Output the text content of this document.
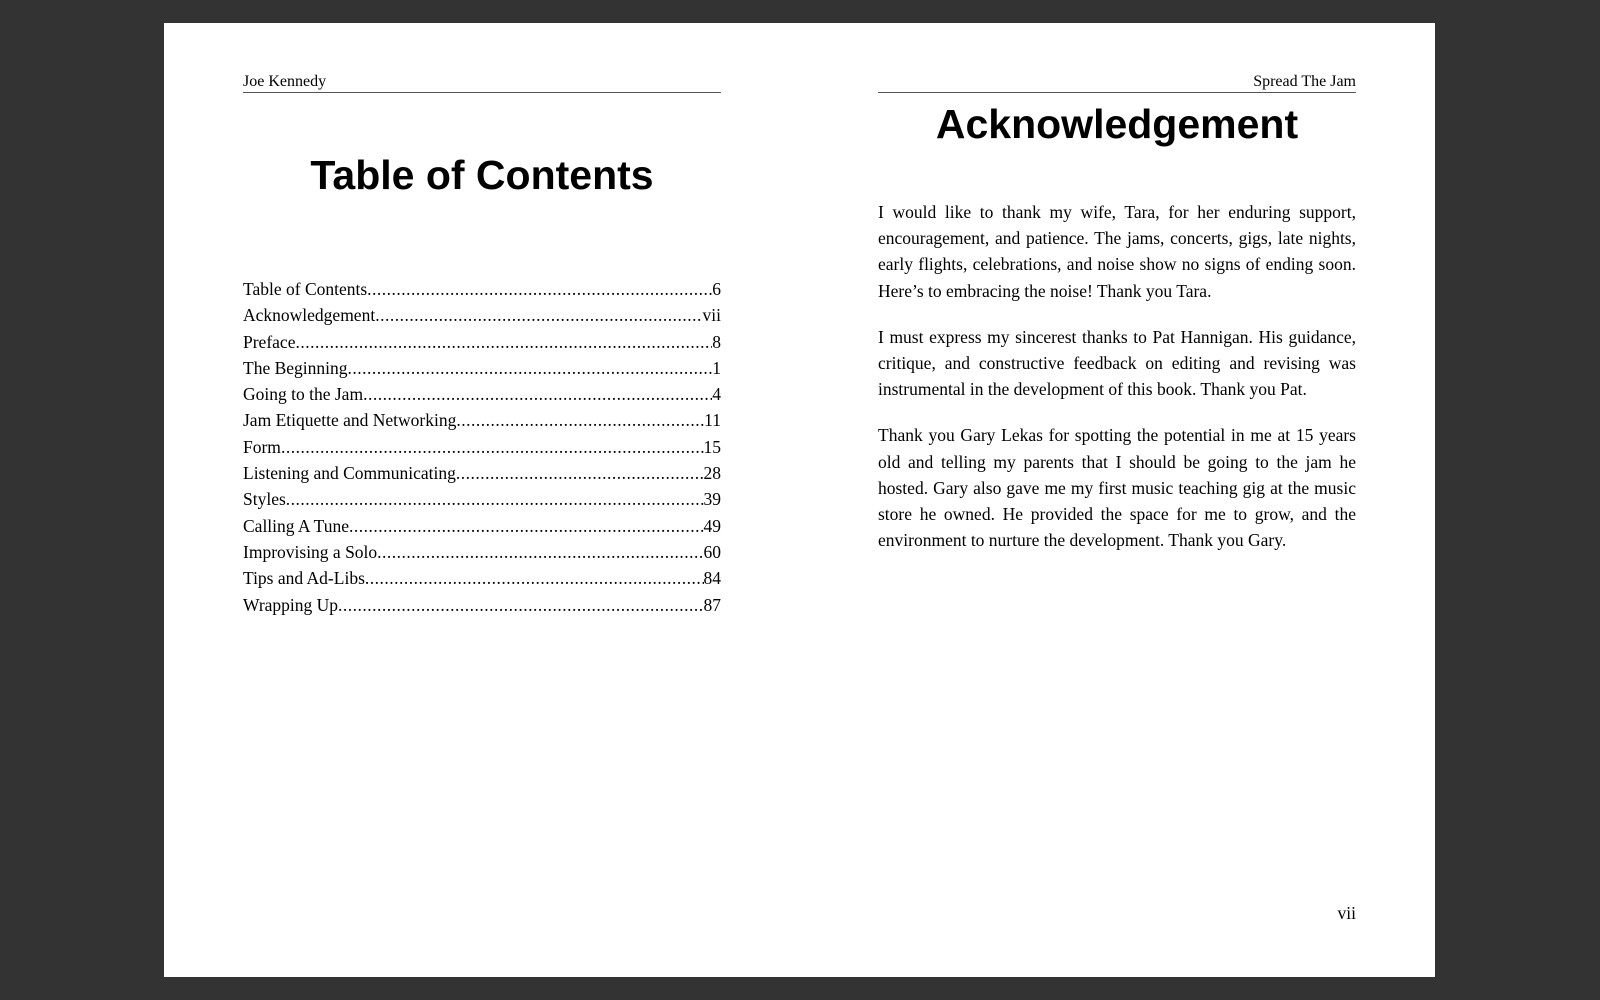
Joe Kennedy
Table of Contents
Table of Contents .....	6
Acknowledgement .....	vii
Preface .....	8
The Beginning .....	1
Going to the Jam .....	4
Jam Etiquette and Networking .....	11
Form .....	15
Listening and Communicating .....	28
Styles .....	39
Calling A Tune .....	49
Improvising a Solo .....	60
Tips and Ad-Libs .....	84
Wrapping Up .....	87
Spread The Jam
Acknowledgement

I would like to thank my wife, Tara, for her enduring support, encouragement, and patience. The jams, concerts, gigs, late nights, early flights, celebrations, and noise show no signs of ending soon. Here’s to embracing the noise! Thank you Tara.

I must express my sincerest thanks to Pat Hannigan. His guidance, critique, and constructive feedback on editing and revising was instrumental in the development of this book. Thank you Pat.

Thank you Gary Lekas for spotting the potential in me at 15 years old and telling my parents that I should be going to the jam he hosted. Gary also gave me my first music teaching gig at the music store he owned. He provided the space for me to grow, and the environment to nurture the development. Thank you Gary.

vii
